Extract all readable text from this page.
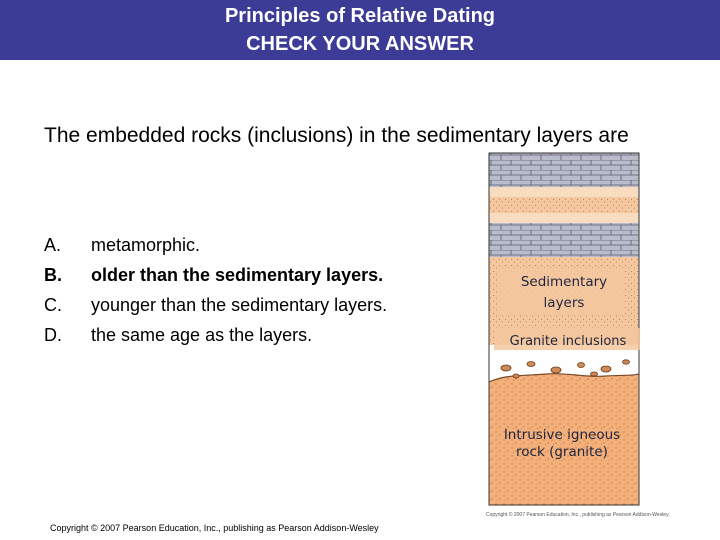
Principles of Relative Dating
CHECK YOUR ANSWER
The embedded rocks (inclusions) in the sedimentary layers are
A.	metamorphic.
B.	older than the sedimentary layers.
C.	younger than the sedimentary layers.
D.	the same age as the layers.
Sedimentary
layers
Granite inclusions
Intrusive igneous
rock (granite)
Copyright © 2007 Pearson Education, Inc., publishing as Pearson Addison-Wesley.
Copyright © 2007 Pearson Education, Inc., publishing as Pearson Addison-Wesley
